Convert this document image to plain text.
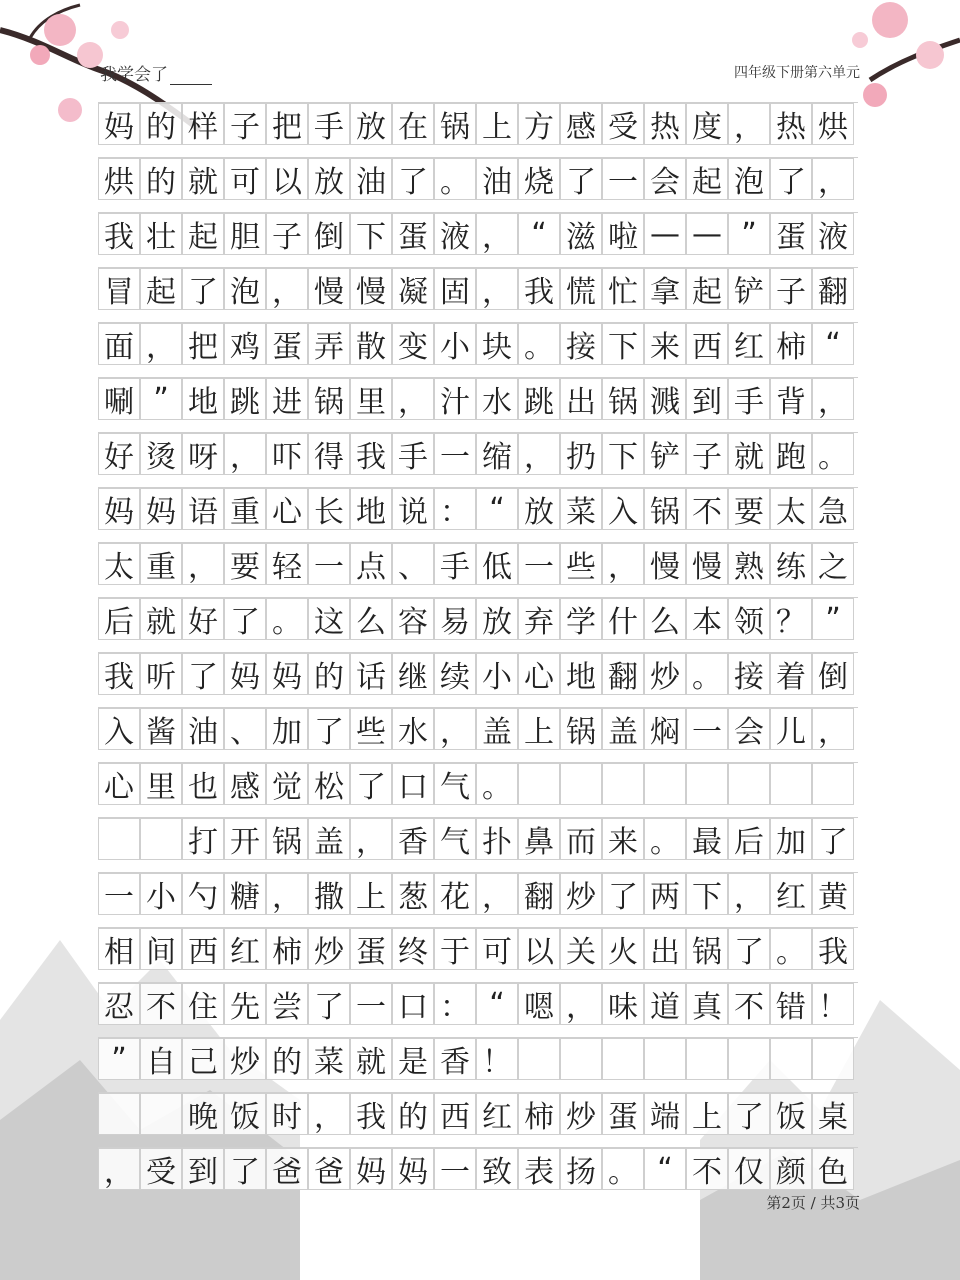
我学会了	四年级下册第六单元
妈 的 样 子 把 手 放 在 锅 上 方 感 受 热 度 ， 热 烘
烘 的 就 可 以 放 油 了 。 油 烧 了 一 会 起 泡 了 ，
我 壮 起 胆 子 倒 下 蛋 液 ， “ 滋 啦 — — ” 蛋 液
冒 起 了 泡 ， 慢 慢 凝 固 ， 我 慌 忙 拿 起 铲 子 翻
面 ， 把 鸡 蛋 弄 散 变 小 块 。 接 下 来 西 红 柿 “
唰 ” 地 跳 进 锅 里 ， 汁 水 跳 出 锅 溅 到 手 背 ，
好 烫 呀 ， 吓 得 我 手 一 缩 ， 扔 下 铲 子 就 跑 。
妈 妈 语 重 心 长 地 说 ： “ 放 菜 入 锅 不 要 太 急
太 重 ， 要 轻 一 点 、 手 低 一 些 ， 慢 慢 熟 练 之
后 就 好 了 。 这 么 容 易 放 弃 学 什 么 本 领 ？ ”
我 听 了 妈 妈 的 话 继 续 小 心 地 翻 炒 。 接 着 倒
入 酱 油 、 加 了 些 水 ， 盖 上 锅 盖 焖 一 会 儿 ，
心 里 也 感 觉 松 了 口 气 。
打 开 锅 盖 ， 香 气 扑 鼻 而 来 。 最 后 加 了
一 小 勺 糖 ， 撒 上 葱 花 ， 翻 炒 了 两 下 ， 红 黄
相 间 西 红 柿 炒 蛋 终 于 可 以 关 火 出 锅 了 。 我
忍 不 住 先 尝 了 一 口 ： “ 嗯 ， 味 道 真 不 错 ！
” 自 己 炒 的 菜 就 是 香 ！
晚 饭 时 ， 我 的 西 红 柿 炒 蛋 端 上 了 饭 桌
， 受 到 了 爸 爸 妈 妈 一 致 表 扬 。 “ 不 仅 颜 色
第2页 / 共3页
